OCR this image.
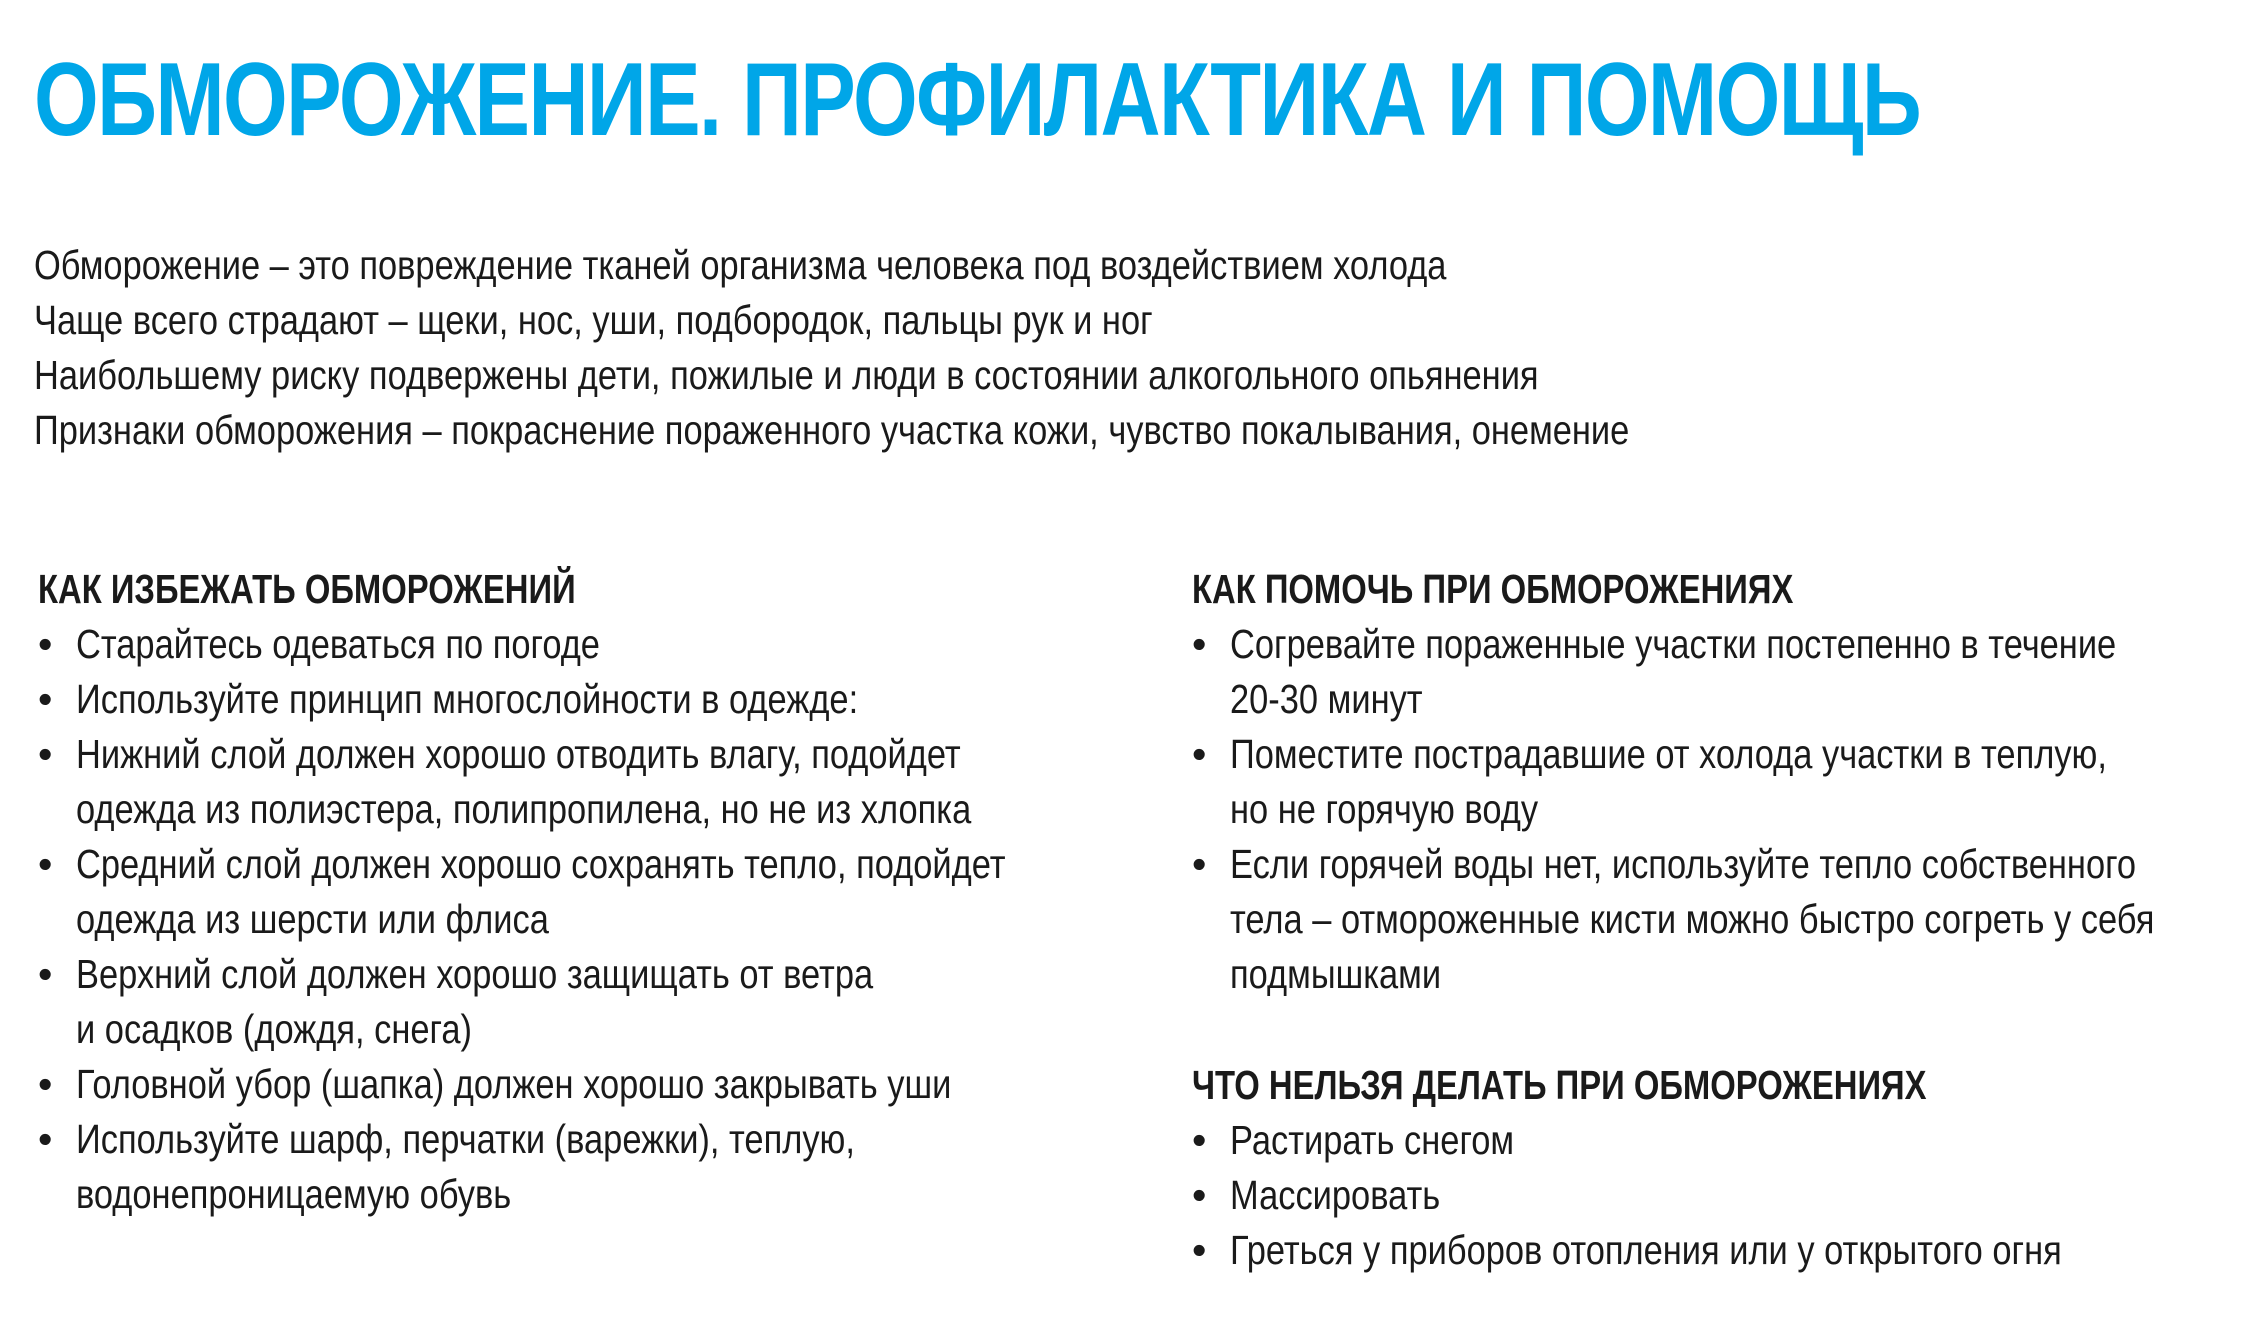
ОБМОРОЖЕНИЕ. ПРОФИЛАКТИКА И ПОМОЩЬ
Обморожение – это повреждение тканей организма человека под воздействием холода
Чаще всего страдают – щеки, нос, уши, подбородок, пальцы рук и ног
Наибольшему риску подвержены дети, пожилые и люди в состоянии алкогольного опьянения
Признаки обморожения – покраснение пораженного участка кожи, чувство покалывания, онемение
КАК ИЗБЕЖАТЬ ОБМОРОЖЕНИЙ
• Старайтесь одеваться по погоде
• Используйте принцип многослойности в одежде:
• Нижний слой должен хорошо отводить влагу, подойдет
одежда из полиэстера, полипропилена, но не из хлопка
• Средний слой должен хорошо сохранять тепло, подойдет
одежда из шерсти или флиса
• Верхний слой должен хорошо защищать от ветра
и осадков (дождя, снега)
• Головной убор (шапка) должен хорошо закрывать уши
• Используйте шарф, перчатки (варежки), теплую,
водонепроницаемую обувь
КАК ПОМОЧЬ ПРИ ОБМОРОЖЕНИЯХ
• Согревайте пораженные участки постепенно в течение
20-30 минут
• Поместите пострадавшие от холода участки в теплую,
но не горячую воду
• Если горячей воды нет, используйте тепло собственного
тела – отмороженные кисти можно быстро согреть у себя
подмышками
ЧТО НЕЛЬЗЯ ДЕЛАТЬ ПРИ ОБМОРОЖЕНИЯХ
• Растирать снегом
• Массировать
• Греться у приборов отопления или у открытого огня
